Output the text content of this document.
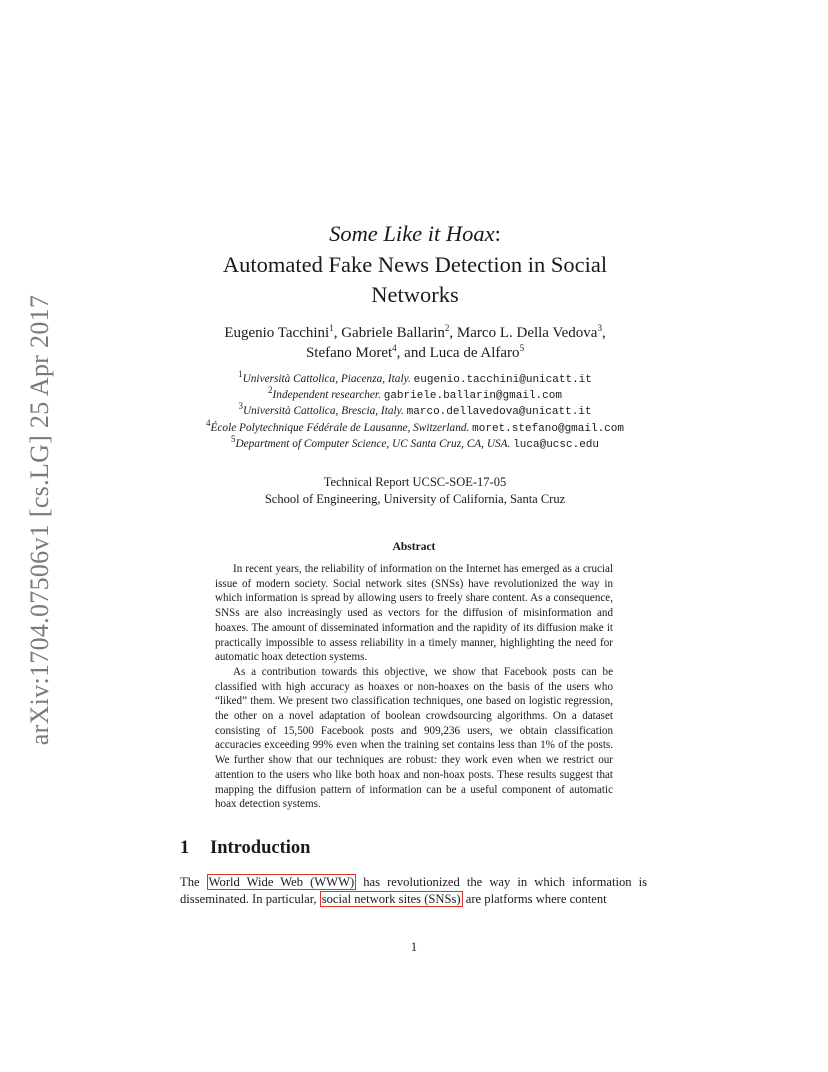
arXiv:1704.07506v1 [cs.LG] 25 Apr 2017
Some Like it Hoax:
Automated Fake News Detection in Social
Networks
Eugenio Tacchini$^1$, Gabriele Ballarin$^2$, Marco L. Della Vedova$^3$,
Stefano Moret$^4$, and Luca de Alfaro$^5$
$^1$Università Cattolica, Piacenza, Italy. eugenio.tacchini@unicatt.it
$^2$Independent researcher. gabriele.ballarin@gmail.com
$^3$Università Cattolica, Brescia, Italy. marco.dellavedova@unicatt.it
$^4$École Polytechnique Fédérale de Lausanne, Switzerland. moret.stefano@gmail.com
$^5$Department of Computer Science, UC Santa Cruz, CA, USA. luca@ucsc.edu
Technical Report UCSC-SOE-17-05
School of Engineering, University of California, Santa Cruz
Abstract

In recent years, the reliability of information on the Internet has emerged as a crucial issue of modern society. Social network sites (SNSs) have revolutionized the way in which information is spread by allowing users to freely share content. As a consequence, SNSs are also increasingly used as vectors for the diffusion of misinformation and hoaxes. The amount of disseminated information and the rapidity of its diffusion make it practically impossible to assess reliability in a timely manner, highlighting the need for automatic hoax detection systems.

As a contribution towards this objective, we show that Facebook posts can be classified with high accuracy as hoaxes or non-hoaxes on the basis of the users who “liked” them. We present two classification techniques, one based on logistic regression, the other on a novel adaptation of boolean crowdsourcing algorithms. On a dataset consisting of 15,500 Facebook posts and 909,236 users, we obtain classification accuracies exceeding 99% even when the training set contains less than 1% of the posts. We further show that our techniques are robust: they work even when we restrict our attention to the users who like both hoax and non-hoax posts. These results suggest that mapping the diffusion pattern of information can be a useful component of automatic hoax detection systems.

1 Introduction

The World Wide Web (WWW) has revolutionized the way in which information is disseminated. In particular, social network sites (SNSs) are platforms where content

1
